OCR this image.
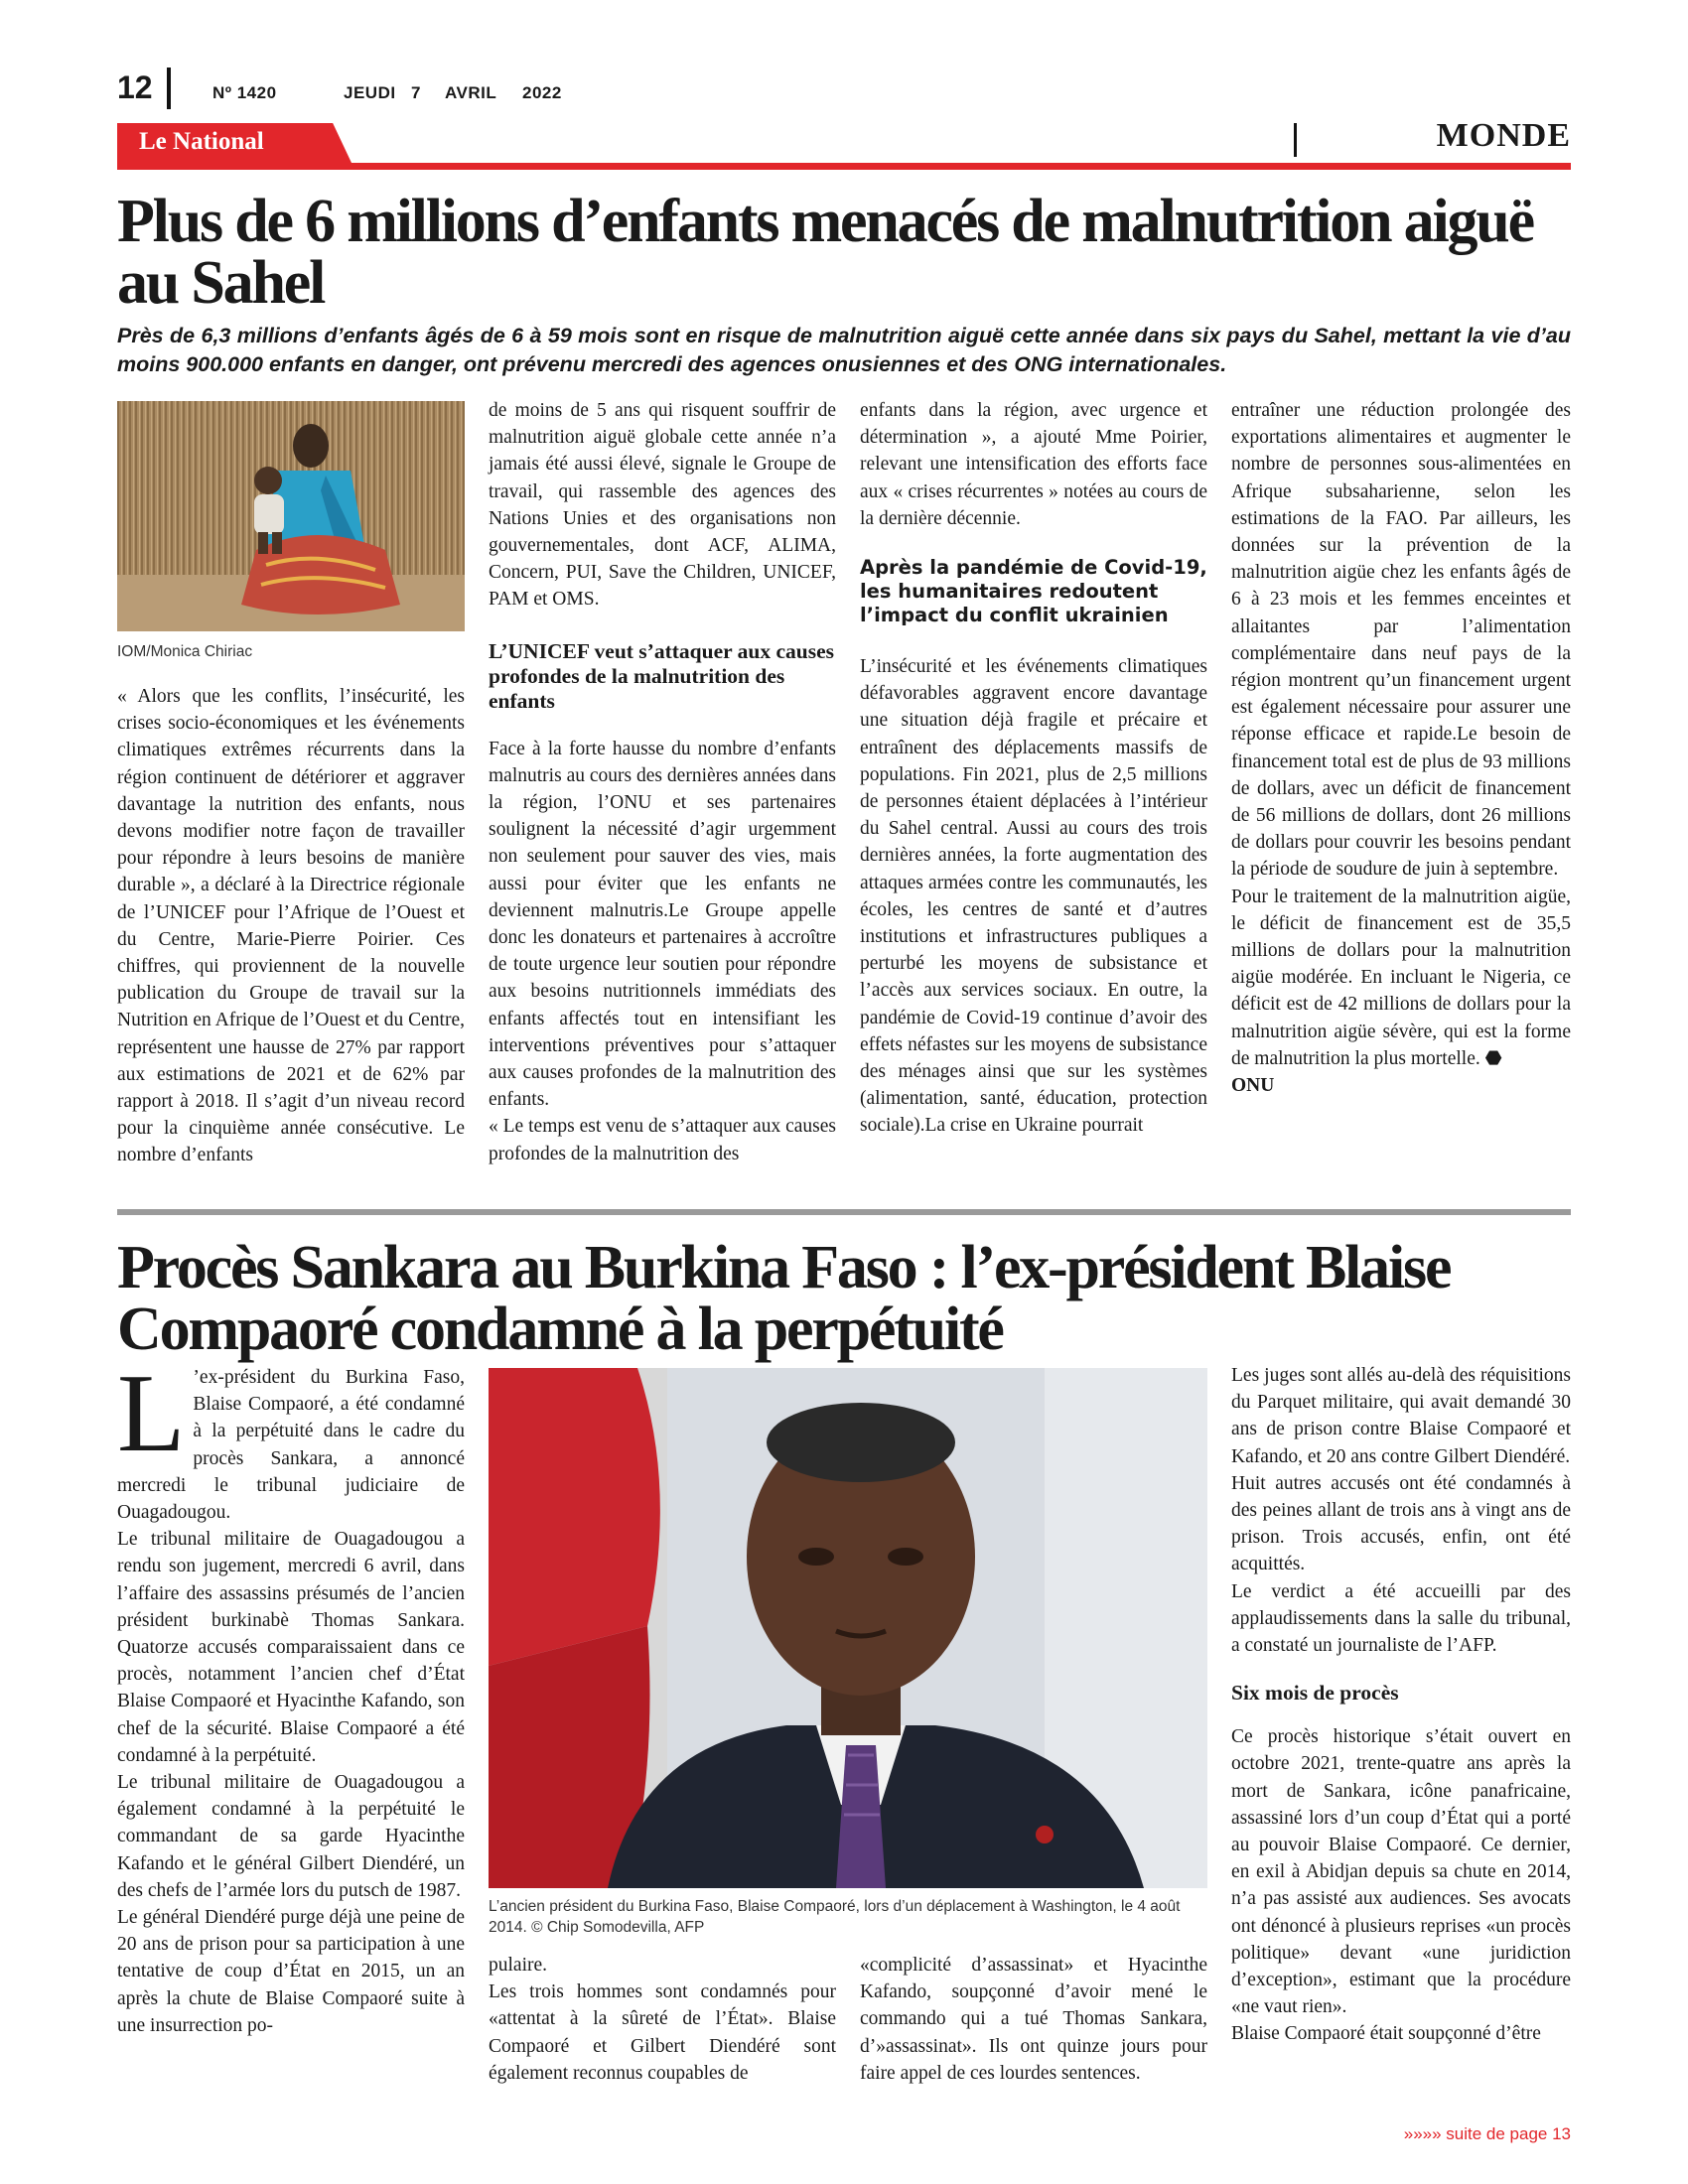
12	Nº 1420	JEUDI 7 AVRIL 2022
Le National	MONDE
Plus de 6 millions d’enfants menacés de malnutrition aiguë
au Sahel
Près de 6,3 millions d’enfants âgés de 6 à 59 mois sont en risque de malnutrition aiguë cette année dans six pays du Sahel, mettant la vie d’au moins 900.000 enfants en danger, ont prévenu mercredi des agences onusiennes et des ONG internationales.
IOM/Monica Chiriac

« Alors que les conflits, l’insécurité, les crises socio-économiques et les événements climatiques extrêmes récurrents dans la région continuent de détériorer et aggraver davantage la nutrition des enfants, nous devons modifier notre façon de travailler pour répondre à leurs besoins de manière durable », a déclaré à la Directrice régionale de l’UNICEF pour l’Afrique de l’Ouest et du Centre, Marie-Pierre Poirier. Ces chiffres, qui proviennent de la nouvelle publication du Groupe de travail sur la Nutrition en Afrique de l’Ouest et du Centre, représentent une hausse de 27% par rapport aux estimations de 2021 et de 62% par rapport à 2018. Il s’agit d’un niveau record pour la cinquième année consécutive. Le nombre d’enfants

de moins de 5 ans qui risquent souffrir de malnutrition aiguë globale cette année n’a jamais été aussi élevé, signale le Groupe de travail, qui rassemble des agences des Nations Unies et des organisations non gouvernementales, dont ACF, ALIMA, Concern, PUI, Save the Children, UNICEF, PAM et OMS.

L’UNICEF veut s’attaquer aux causes profondes de la malnutrition des enfants

Face à la forte hausse du nombre d’enfants malnutris au cours des dernières années dans la région, l’ONU et ses partenaires soulignent la nécessité d’agir urgemment non seulement pour sauver des vies, mais aussi pour éviter que les enfants ne deviennent malnutris.Le Groupe appelle donc les donateurs et partenaires à accroître de toute urgence leur soutien pour répondre aux besoins nutritionnels immédiats des enfants affectés tout en intensifiant les interventions préventives pour s’attaquer aux causes profondes de la malnutrition des enfants.

« Le temps est venu de s’attaquer aux causes profondes de la malnutrition des

enfants dans la région, avec urgence et détermination », a ajouté Mme Poirier, relevant une intensification des efforts face aux « crises récurrentes » notées au cours de la dernière décennie.

Après la pandémie de Covid-19, les humanitaires redoutent l’impact du conflit ukrainien

L’insécurité et les événements climatiques défavorables aggravent encore davantage une situation déjà fragile et précaire et entraînent des déplacements massifs de populations. Fin 2021, plus de 2,5 millions de personnes étaient déplacées à l’intérieur du Sahel central. Aussi au cours des trois dernières années, la forte augmentation des attaques armées contre les communautés, les écoles, les centres de santé et d’autres institutions et infrastructures publiques a perturbé les moyens de subsistance et l’accès aux services sociaux. En outre, la pandémie de Covid-19 continue d’avoir des effets néfastes sur les moyens de subsistance des ménages ainsi que sur les systèmes (alimentation, santé, éducation, protection sociale).La crise en Ukraine pourrait

entraîner une réduction prolongée des exportations alimentaires et augmenter le nombre de personnes sous-alimentées en Afrique subsaharienne, selon les estimations de la FAO. Par ailleurs, les données sur la prévention de la malnutrition aigüe chez les enfants âgés de 6 à 23 mois et les femmes enceintes et allaitantes par l’alimentation complémentaire dans neuf pays de la région montrent qu’un financement urgent est également nécessaire pour assurer une réponse efficace et rapide.Le besoin de financement total est de plus de 93 millions de dollars, avec un déficit de financement de 56 millions de dollars, dont 26 millions de dollars pour couvrir les besoins pendant la période de soudure de juin à septembre.

Pour le traitement de la malnutrition aigüe, le déficit de financement est de 35,5 millions de dollars pour la malnutrition aigüe modérée. En incluant le Nigeria, ce déficit est de 42 millions de dollars pour la malnutrition aigüe sévère, qui est la forme de malnutrition la plus mortelle. ⬣

ONU

Procès Sankara au Burkina Faso : l’ex-président Blaise
Compaoré condamné à la perpétuité

L ’ex-président du Burkina Faso, Blaise Compaoré, a été condamné à la perpétuité dans le cadre du procès Sankara, a annoncé mercredi le tribunal judiciaire de Ouagadougou.

Le tribunal militaire de Ouagadougou a rendu son jugement, mercredi 6 avril, dans l’affaire des assassins présumés de l’ancien président burkinabè Thomas Sankara. Quatorze accusés comparaissaient dans ce procès, notamment l’ancien chef d’État Blaise Compaoré et Hyacinthe Kafando, son chef de la sécurité. Blaise Compaoré a été condamné à la perpétuité.

Le tribunal militaire de Ouagadougou a également condamné à la perpétuité le commandant de sa garde Hyacinthe Kafando et le général Gilbert Diendéré, un des chefs de l’armée lors du putsch de 1987.

Le général Diendéré purge déjà une peine de 20 ans de prison pour sa participation à une tentative de coup d’État en 2015, un an après la chute de Blaise Compaoré suite à une insurrection po-

L’ancien président du Burkina Faso, Blaise Compaoré, lors d’un déplacement à Washington, le 4 août 2014. © Chip Somodevilla, AFP

pulaire.

Les trois hommes sont condamnés pour «attentat à la sûreté de l’État». Blaise Compaoré et Gilbert Diendéré sont également reconnus coupables de

«complicité d’assassinat» et Hyacinthe Kafando, soupçonné d’avoir mené le commando qui a tué Thomas Sankara, d’»assassinat». Ils ont quinze jours pour faire appel de ces lourdes sentences.

Les juges sont allés au-delà des réquisitions du Parquet militaire, qui avait demandé 30 ans de prison contre Blaise Compaoré et Kafando, et 20 ans contre Gilbert Diendéré.

Huit autres accusés ont été condamnés à des peines allant de trois ans à vingt ans de prison. Trois accusés, enfin, ont été acquittés.

Le verdict a été accueilli par des applaudissements dans la salle du tribunal, a constaté un journaliste de l’AFP.

Six mois de procès

Ce procès historique s’était ouvert en octobre 2021, trente-quatre ans après la mort de Sankara, icône panafricaine, assassiné lors d’un coup d’État qui a porté au pouvoir Blaise Compaoré. Ce dernier, en exil à Abidjan depuis sa chute en 2014, n’a pas assisté aux audiences. Ses avocats ont dénoncé à plusieurs reprises «un procès politique» devant «une juridiction d’exception», estimant que la procédure «ne vaut rien».

Blaise Compaoré était soupçonné d’être

»»»» suite de page 13
